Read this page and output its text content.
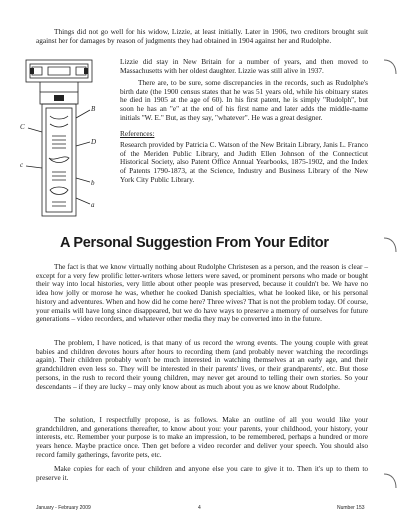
Things did not go well for his widow, Lizzie, at least initially. Later in 1906, two creditors brought suit against her for damages by reason of judgments they had obtained in 1904 against her and Rudolphe.

B
C
D
c
b
a

Lizzie did stay in New Britain for a number of years, and then moved to Massachusetts with her oldest daughter. Lizzie was still alive in 1937.

There are, to be sure, some discrepancies in the records, such as Rudolphe's birth date (the 1900 census states that he was 51 years old, while his obituary states he died in 1905 at the age of 60). In his first patent, he is simply "Rudolph", but soon he has an "e" at the end of his first name and later adds the middle-name initials "W. E." But, as they say, "whatever". He was a great designer.

References:

Research provided by Patricia C. Watson of the New Britain Library, Janis L. Franco of the Meriden Public Library, and Judith Ellen Johnson of the Connecticut Historical Society, also Patent Office Annual Yearbooks, 1875-1902, and the Index of Patents 1790-1873, at the Science, Industry and Business Library of the New York City Public Library.

A Personal Suggestion From Your Editor

The fact is that we know virtually nothing about Rudolphe Christesen as a person, and the reason is clear – except for a very few prolific letter-writers whose letters were saved, or prominent persons who made or bought their way into local histories, very little about other people was preserved, because it couldn't be. We have no idea how jolly or morose he was, whether he cooked Danish specialties, what he looked like, or his personal history and adventures. When and how did he come here? Three wives? That is not the problem today. Of course, your emails will have long since disappeared, but we do have ways to preserve a memory of ourselves for future generations – video recorders, and whatever other media they may be converted into in the future.

The problem, I have noticed, is that many of us record the wrong events. The young couple with great babies and children devotes hours after hours to recording them (and probably never watching the recordings again). Their children probably won't be much interested in watching themselves at an early age, and their grandchildren even less so. They will be interested in their parents' lives, or their grandparents', etc. But those persons, in the rush to record their young children, may never get around to telling their own stories. So your descendants – if they are lucky – may only know about as much about you as we know about Rudolphe.

The solution, I respectfully propose, is as follows. Make an outline of all you would like your grandchildren, and generations thereafter, to know about you: your parents, your childhood, your history, your interests, etc. Remember your purpose is to make an impression, to be remembered, perhaps a hundred or more years hence. Maybe practice once. Then get before a video recorder and deliver your speech. You should also record family gatherings, favorite pets, etc.

Make copies for each of your children and anyone else you care to give it to. Then it's up to them to preserve it.

January - February 2009	4	Number 153
